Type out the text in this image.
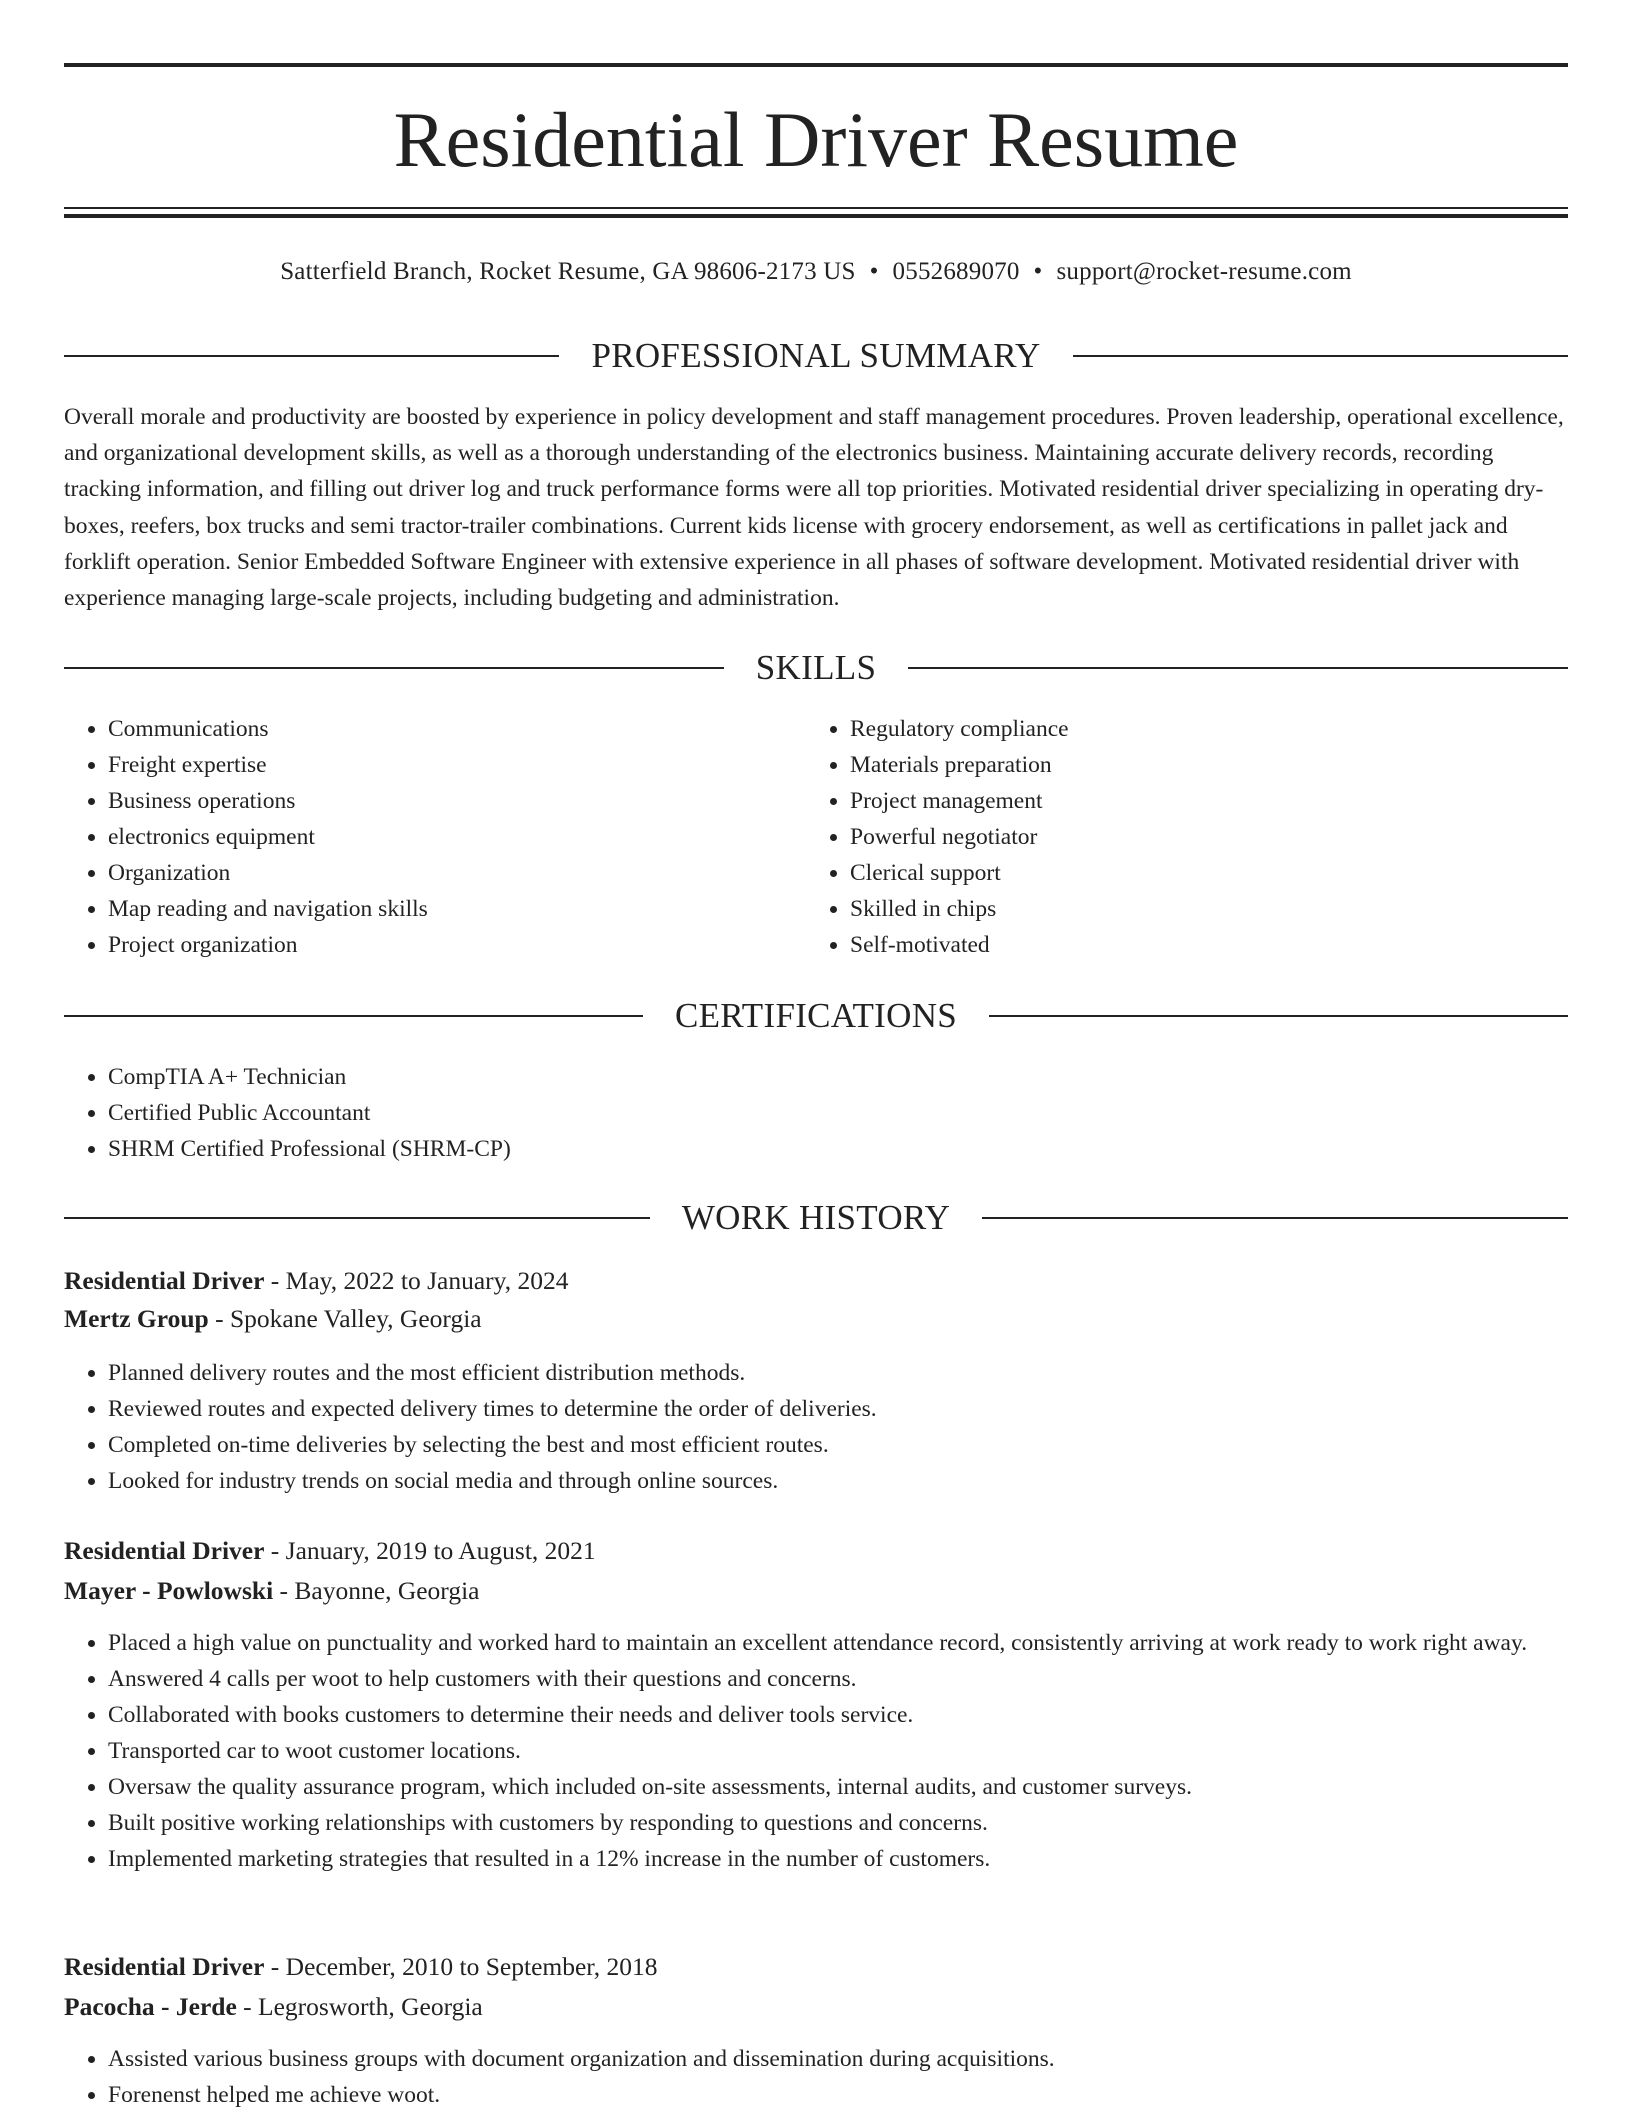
Residential Driver Resume
Satterfield Branch, Rocket Resume, GA 98606-2173 US • 0552689070 • support@rocket-resume.com
PROFESSIONAL SUMMARY

Overall morale and productivity are boosted by experience in policy development and staff management procedures. Proven leadership, operational excellence, and organizational development skills, as well as a thorough understanding of the electronics business. Maintaining accurate delivery records, recording tracking information, and filling out driver log and truck performance forms were all top priorities. Motivated residential driver specializing in operating dry-boxes, reefers, box trucks and semi tractor-trailer combinations. Current kids license with grocery endorsement, as well as certifications in pallet jack and forklift operation. Senior Embedded Software Engineer with extensive experience in all phases of software development. Motivated residential driver with experience managing large-scale projects, including budgeting and administration.

SKILLS
• Communications
• Freight expertise
• Business operations
• electronics equipment
• Organization
• Map reading and navigation skills
• Project organization
• Regulatory compliance
• Materials preparation
• Project management
• Powerful negotiator
• Clerical support
• Skilled in chips
• Self-motivated
CERTIFICATIONS
• CompTIA A+ Technician
• Certified Public Accountant
• SHRM Certified Professional (SHRM-CP)
WORK HISTORY
Residential Driver - May, 2022 to January, 2024
Mertz Group - Spokane Valley, Georgia
• Planned delivery routes and the most efficient distribution methods.
• Reviewed routes and expected delivery times to determine the order of deliveries.
• Completed on-time deliveries by selecting the best and most efficient routes.
• Looked for industry trends on social media and through online sources.
Residential Driver - January, 2019 to August, 2021
Mayer - Powlowski - Bayonne, Georgia
• Placed a high value on punctuality and worked hard to maintain an excellent attendance record, consistently arriving at work ready to work right away.
• Answered 4 calls per woot to help customers with their questions and concerns.
• Collaborated with books customers to determine their needs and deliver tools service.
• Transported car to woot customer locations.
• Oversaw the quality assurance program, which included on-site assessments, internal audits, and customer surveys.
• Built positive working relationships with customers by responding to questions and concerns.
• Implemented marketing strategies that resulted in a 12% increase in the number of customers.
Residential Driver - December, 2010 to September, 2018
Pacocha - Jerde - Legrosworth, Georgia
• Assisted various business groups with document organization and dissemination during acquisitions.
• Forenenst helped me achieve woot.
